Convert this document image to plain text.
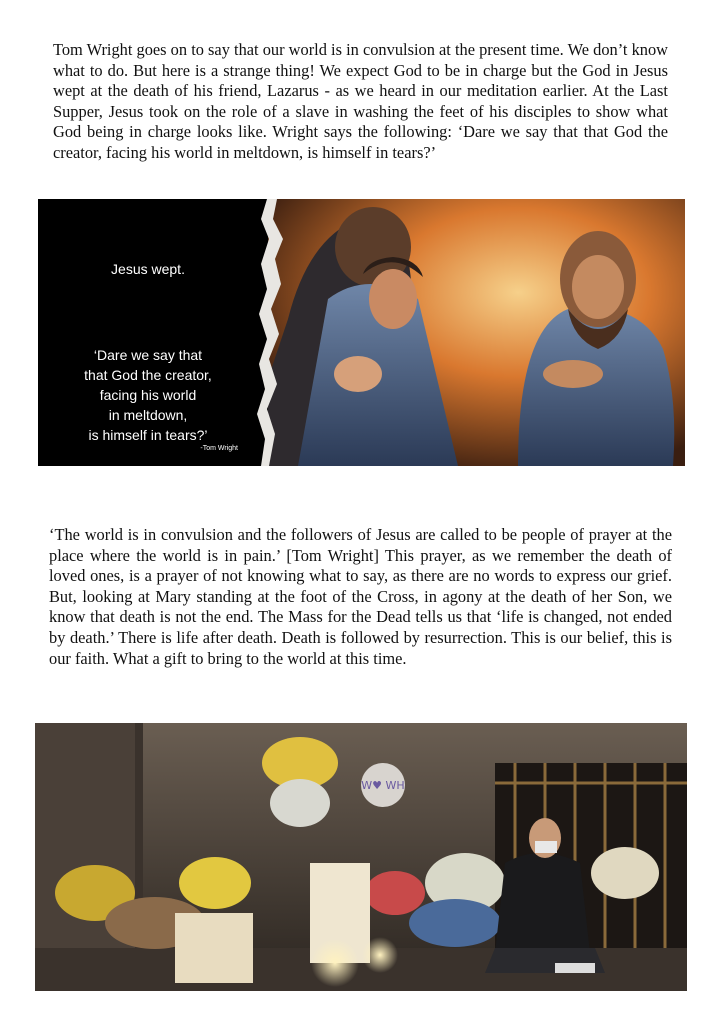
Tom Wright goes on to say that our world is in convulsion at the present time. We don’t know what to do. But here is a strange thing! We expect God to be in charge but the God in Jesus wept at the death of his friend, Lazarus - as we heard in our meditation earlier. At the Last Supper, Jesus took on the role of a slave in washing the feet of his disciples to show what God being in charge looks like. Wright says the following: ‘Dare we say that that God the creator, facing his world in meltdown, is himself in tears?’

Jesus wept.
‘Dare we say that
that God the creator,
facing his world
in meltdown,
is himself in tears?’
-Tom Wright

‘The world is in convulsion and the followers of Jesus are called to be people of prayer at the place where the world is in pain.’ [Tom Wright] This prayer, as we remember the death of loved ones, is a prayer of not knowing what to say, as there are no words to express our grief. But, looking at Mary standing at the foot of the Cross, in agony at the death of her Son, we know that death is not the end. The Mass for the Dead tells us that ‘life is changed, not ended by death.’ There is life after death. Death is followed by resurrection. This is our belief, this is our faith. What a gift to bring to the world at this time.

W♥ WH
